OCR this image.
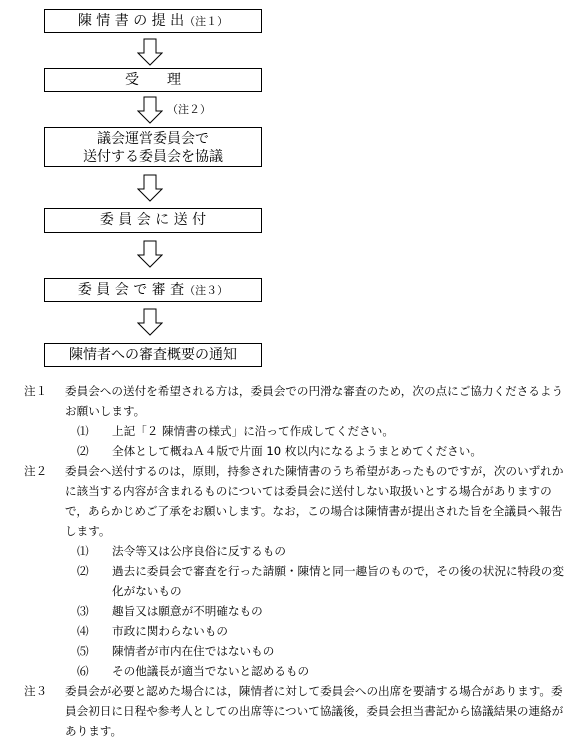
陳 情 書 の 提 出（注１）
受　　理
（注２）
議会運営委員会で
送付する委員会を協議
委 員 会 に 送 付
委 員 会 で 審 査（注３）
陳情者への審査概要の通知
注１ 委員会への送付を希望される方は，委員会での円滑な審査のため，次の点にご協力くださるようお願いします。
⑴ 上記「２ 陳情書の様式」に沿って作成してください。
⑵ 全体として概ねＡ４版で片面 10 枚以内になるようまとめてください。
注２ 委員会へ送付するのは，原則，持参された陳情書のうち希望があったものですが，次のいずれかに該当する内容が含まれるものについては委員会に送付しない取扱いとする場合がありますので，あらかじめご了承をお願いします。なお，この場合は陳情書が提出された旨を全議員へ報告します。
⑴ 法令等又は公序良俗に反するもの
⑵ 過去に委員会で審査を行った請願・陳情と同一趣旨のもので，その後の状況に特段の変化がないもの
⑶ 趣旨又は願意が不明確なもの
⑷ 市政に関わらないもの
⑸ 陳情者が市内在住ではないもの
⑹ その他議長が適当でないと認めるもの
注３ 委員会が必要と認めた場合には，陳情者に対して委員会への出席を要請する場合があります。委員会初日に日程や参考人としての出席等について協議後，委員会担当書記から協議結果の連絡があります。
